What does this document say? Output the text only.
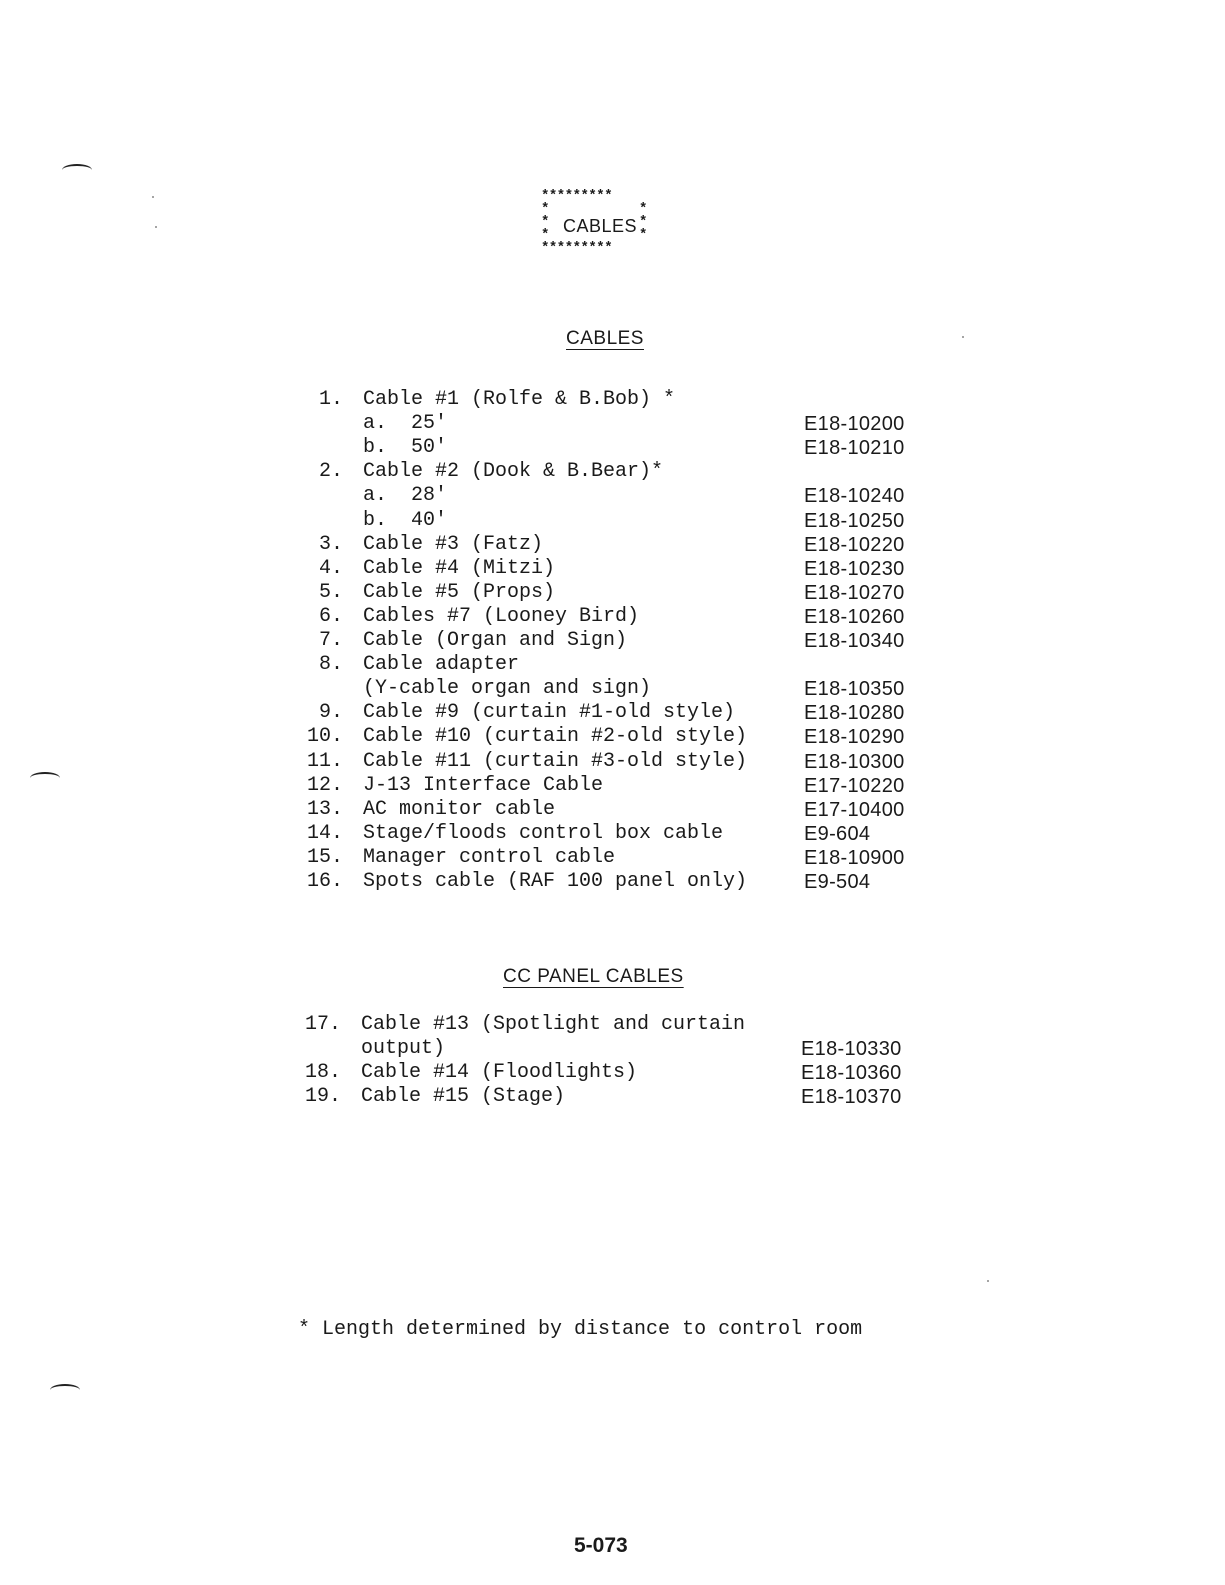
*********
*
*
*
*
*
*
CABLES
*********
CABLES
1. Cable #1 (Rolfe & B.Bob) *
a.  25'	E18-10200
b.  50'	E18-10210
2. Cable #2 (Dook & B.Bear)*
a.  28'	E18-10240
b.  40'	E18-10250
3. Cable #3 (Fatz)	E18-10220
4. Cable #4 (Mitzi)	E18-10230
5. Cable #5 (Props)	E18-10270
6. Cables #7 (Looney Bird)	E18-10260
7. Cable (Organ and Sign)	E18-10340
8. Cable adapter
(Y-cable organ and sign)	E18-10350
9. Cable #9 (curtain #1-old style)	E18-10280
10. Cable #10 (curtain #2-old style)	E18-10290
11. Cable #11 (curtain #3-old style)	E18-10300
12. J-13 Interface Cable	E17-10220
13. AC monitor cable	E17-10400
14. Stage/floods control box cable	E9-604
15. Manager control cable	E18-10900
16. Spots cable (RAF 100 panel only)	E9-504
CC PANEL CABLES
17. Cable #13 (Spotlight and curtain
output)	E18-10330
18. Cable #14 (Floodlights)	E18-10360
19. Cable #15 (Stage)	E18-10370
* Length determined by distance to control room
5-073
